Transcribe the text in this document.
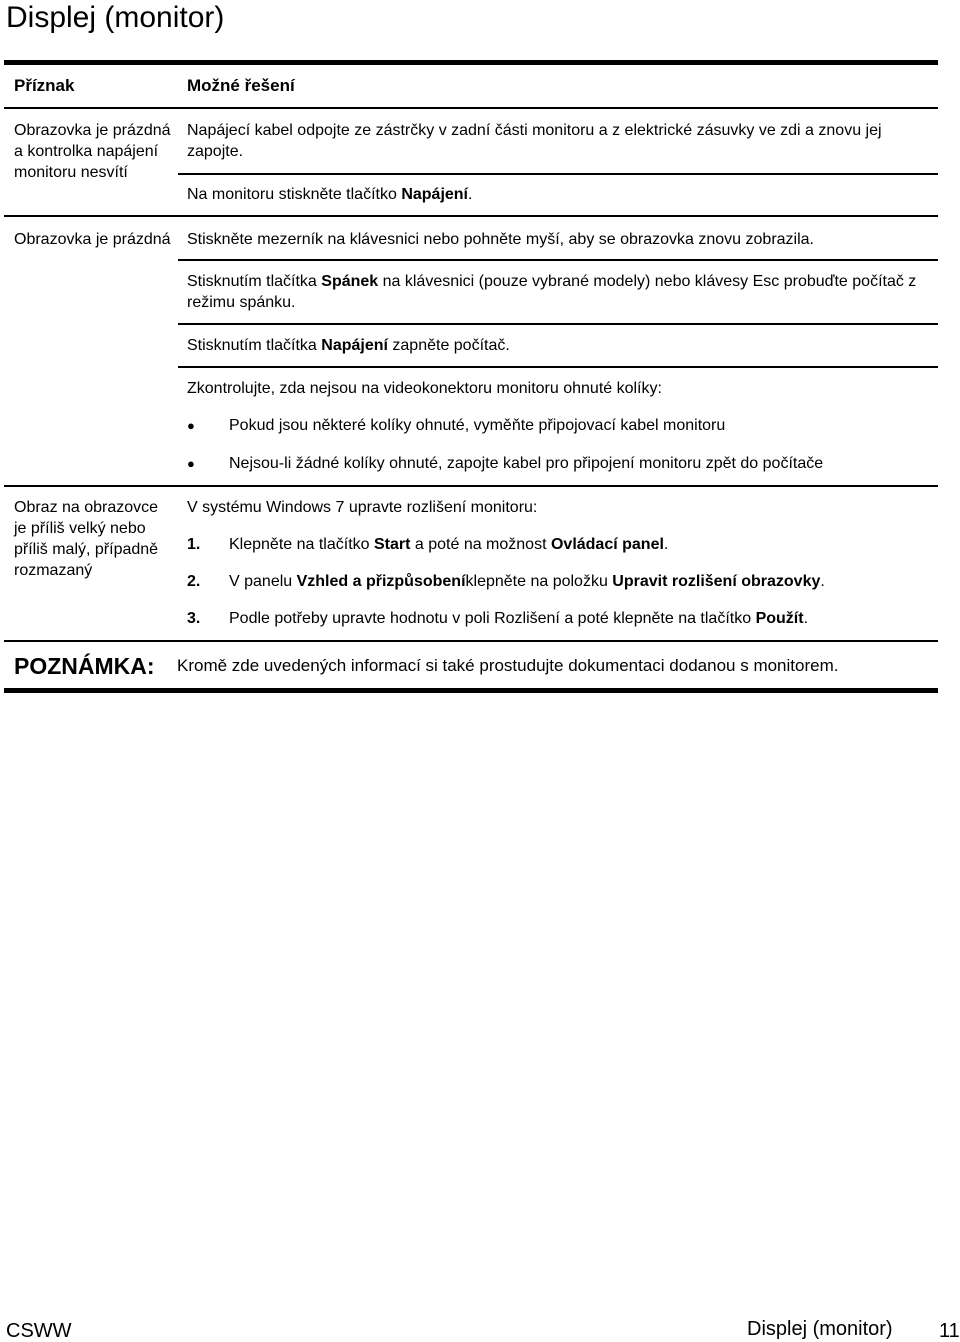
Displej (monitor)
Příznak	Možné řešení
Obrazovka je prázdná a kontrolka napájení monitoru nesvítí
Napájecí kabel odpojte ze zástrčky v zadní části monitoru a z elektrické zásuvky ve zdi a znovu jej zapojte.
Na monitoru stiskněte tlačítko Napájení.
Obrazovka je prázdná Stiskněte mezerník na klávesnici nebo pohněte myší, aby se obrazovka znovu zobrazila.
Stisknutím tlačítka Spánek na klávesnici (pouze vybrané modely) nebo klávesy Esc probuďte počítač z režimu spánku.
Stisknutím tlačítka Napájení zapněte počítač.
Zkontrolujte, zda nejsou na videokonektoru monitoru ohnuté kolíky:
● Pokud jsou některé kolíky ohnuté, vyměňte připojovací kabel monitoru
● Nejsou-li žádné kolíky ohnuté, zapojte kabel pro připojení monitoru zpět do počítače
Obraz na obrazovce je příliš velký nebo příliš malý, případně rozmazaný
V systému Windows 7 upravte rozlišení monitoru:
1. Klepněte na tlačítko Start a poté na možnost Ovládací panel.
2. V panelu Vzhled a přizpůsobeníklepněte na položku Upravit rozlišení obrazovky.
3. Podle potřeby upravte hodnotu v poli Rozlišení a poté klepněte na tlačítko Použít.
POZNÁMKA: Kromě zde uvedených informací si také prostudujte dokumentaci dodanou s monitorem.
CSWW	Displej (monitor) 11
